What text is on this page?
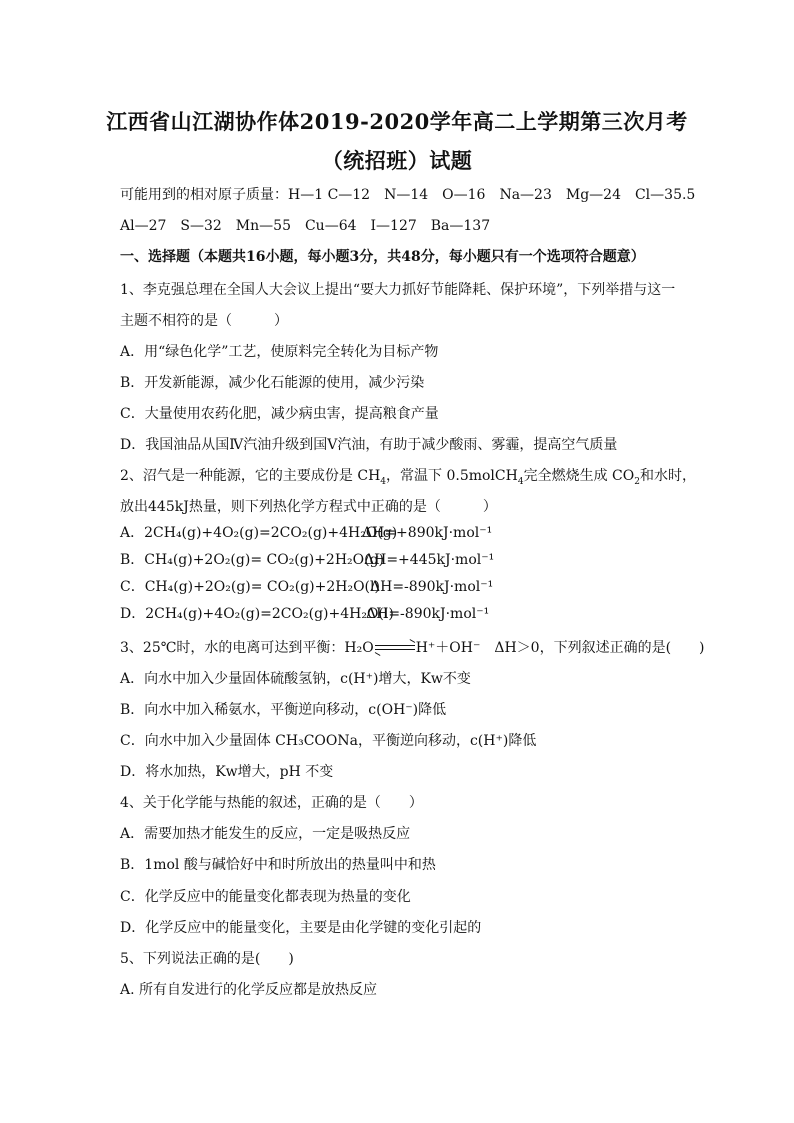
江西省山江湖协作体2019-2020学年高二上学期第三次月考
（统招班）试题
可能用到的相对原子质量：H—1 C—12　N—14　O—16　Na—23　Mg—24　Cl—35.5
Al—27　S—32　Mn—55　Cu—64　I—127　Ba—137
一、选择题（本题共16小题，每小题3分，共48分，每小题只有一个选项符合题意）
1、李克强总理在全国人大会议上提出“要大力抓好节能降耗、保护环境”，下列举措与这一
主题不相符的是（　　　）
A．用“绿色化学”工艺，使原料完全转化为目标产物
B．开发新能源，减少化石能源的使用，减少污染
C．大量使用农药化肥，减少病虫害，提高粮食产量
D．我国油品从国Ⅳ汽油升级到国Ⅴ汽油，有助于减少酸雨、雾霾，提高空气质量
2、沼气是一种能源，它的主要成份是 $CH_4$，常温下 0.5molCH$_4$完全燃烧生成 $CO_2$和水时，
放出445kJ热量，则下列热化学方程式中正确的是（　　　）
A．2CH₄(g)+4O₂(g)=2CO₂(g)+4H₂O(g)
ΔH=+890kJ·mol⁻¹
B．CH₄(g)+2O₂(g)= CO₂(g)+2H₂O(g)
ΔH=+445kJ·mol⁻¹
C．CH₄(g)+2O₂(g)= CO₂(g)+2H₂O(l)
ΔH=-890kJ·mol⁻¹
D．2CH₄(g)+4O₂(g)=2CO₂(g)+4H₂O(l)
ΔH=-890kJ·mol⁻¹
3、25℃时，水的电离可达到平衡：H₂O	H⁺＋OH⁻　ΔH＞0，下列叙述正确的是(　　)
A．向水中加入少量固体硫酸氢钠，c(H⁺)增大，Kw不变
B．向水中加入稀氨水，平衡逆向移动，c(OH⁻)降低
C．向水中加入少量固体 CH₃COONa，平衡逆向移动，c(H⁺)降低
D．将水加热，Kw增大，pH 不变
4、关于化学能与热能的叙述，正确的是（　　）
A．需要加热才能发生的反应，一定是吸热反应
B．1mol 酸与碱恰好中和时所放出的热量叫中和热
C．化学反应中的能量变化都表现为热量的变化
D．化学反应中的能量变化，主要是由化学键的变化引起的
5、下列说法正确的是(　　)
A. 所有自发进行的化学反应都是放热反应
